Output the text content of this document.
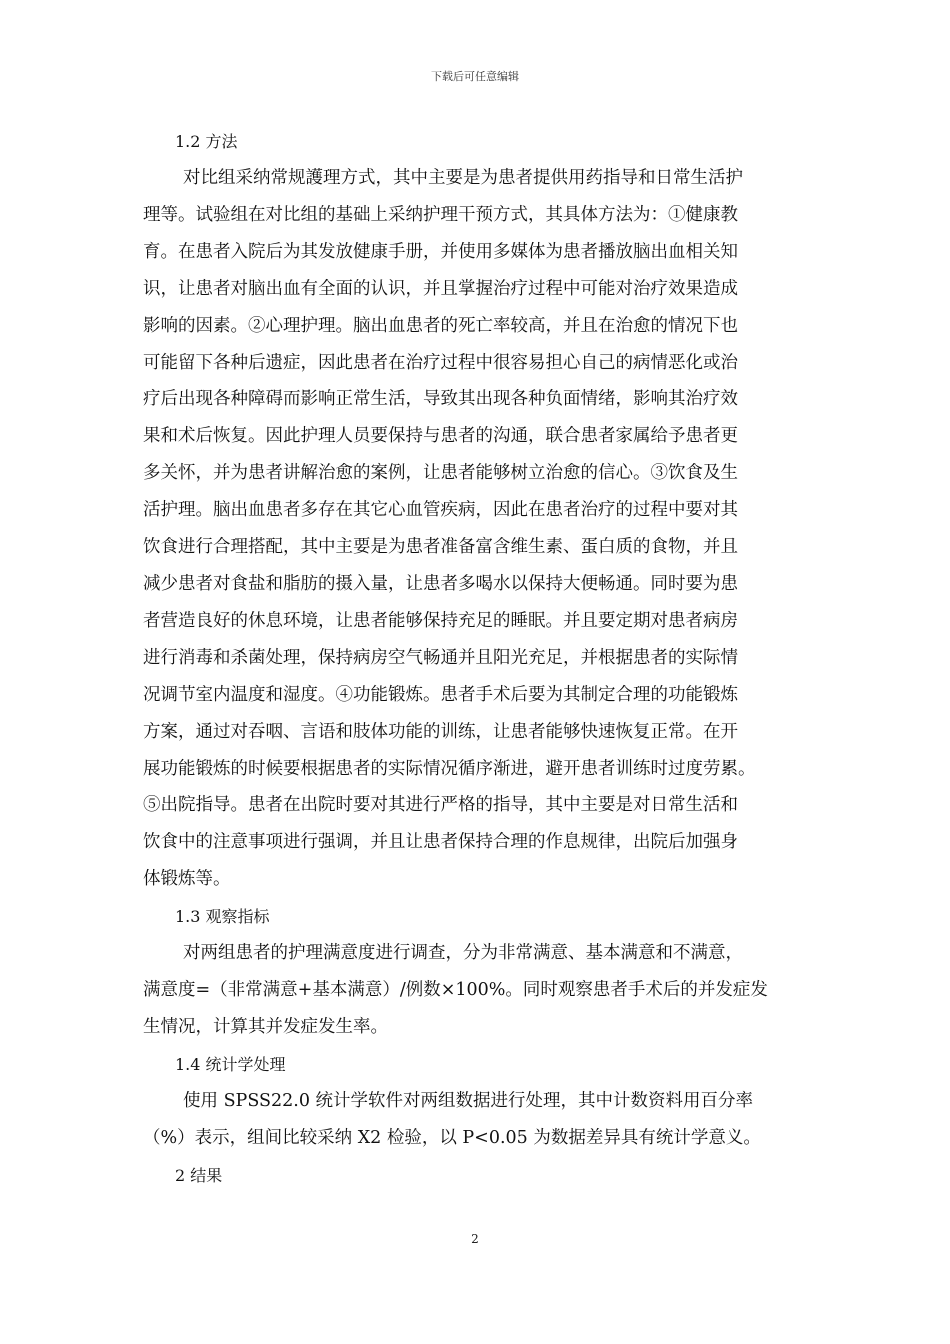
下载后可任意编辑
1.2 方法
对比组采纳常规護理方式，其中主要是为患者提供用药指导和日常生活护
理等。试验组在对比组的基础上采纳护理干预方式，其具体方法为：①健康教
育。在患者入院后为其发放健康手册，并使用多媒体为患者播放脑出血相关知
识，让患者对脑出血有全面的认识，并且掌握治疗过程中可能对治疗效果造成
影响的因素。②心理护理。脑出血患者的死亡率较高，并且在治愈的情况下也
可能留下各种后遗症，因此患者在治疗过程中很容易担心自己的病情恶化或治
疗后出现各种障碍而影响正常生活，导致其出现各种负面情绪，影响其治疗效
果和术后恢复。因此护理人员要保持与患者的沟通，联合患者家属给予患者更
多关怀，并为患者讲解治愈的案例，让患者能够树立治愈的信心。③饮食及生
活护理。脑出血患者多存在其它心血管疾病，因此在患者治疗的过程中要对其
饮食进行合理搭配，其中主要是为患者准备富含维生素、蛋白质的食物，并且
减少患者对食盐和脂肪的摄入量，让患者多喝水以保持大便畅通。同时要为患
者营造良好的休息环境，让患者能够保持充足的睡眠。并且要定期对患者病房
进行消毒和杀菌处理，保持病房空气畅通并且阳光充足，并根据患者的实际情
况调节室内温度和湿度。④功能锻炼。患者手术后要为其制定合理的功能锻炼
方案，通过对吞咽、言语和肢体功能的训练，让患者能够快速恢复正常。在开
展功能锻炼的时候要根据患者的实际情况循序渐进，避开患者训练时过度劳累。
⑤出院指导。患者在出院时要对其进行严格的指导，其中主要是对日常生活和
饮食中的注意事项进行强调，并且让患者保持合理的作息规律，出院后加强身
体锻炼等。
1.3 观察指标
对两组患者的护理满意度进行调查，分为非常满意、基本满意和不满意，
满意度=（非常满意+基本满意）/例数×100%。同时观察患者手术后的并发症发
生情况，计算其并发症发生率。
1.4 统计学处理
使用 SPSS22.0 统计学软件对两组数据进行处理，其中计数资料用百分率
（%）表示，组间比较采纳 X2 检验，以 P<0.05 为数据差异具有统计学意义。
2 结果
2
